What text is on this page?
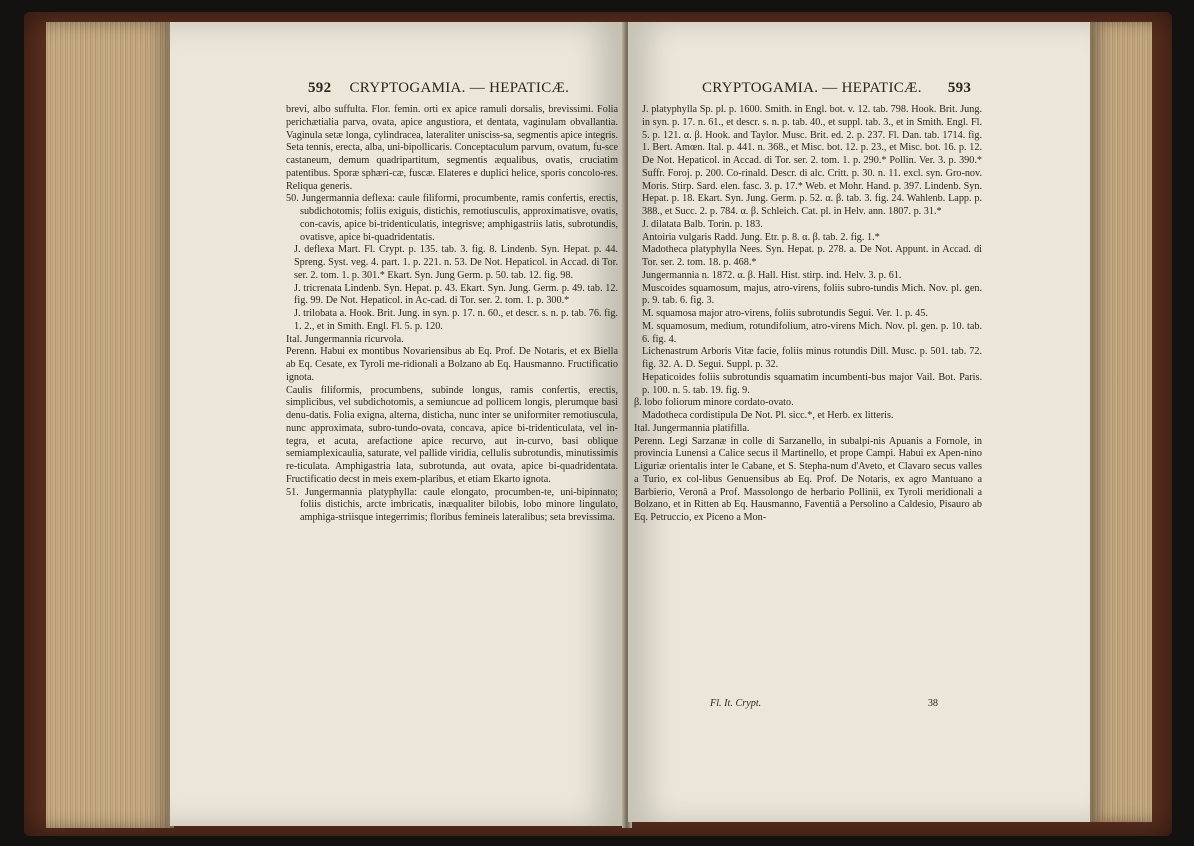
592 CRYPTOGAMIA. — HEPATICÆ.

brevi, albo suffulta. Flor. femin. orti ex apice ramuli dorsalis, brevissimi. Folia perichætialia parva, ovata, apice angustiora, et dentata, vaginulam obvallantia. Vaginula setæ longa, cylindracea, lateraliter unisciss-sa, segmentis apice integris. Seta tennis, erecta, alba, uni-bipollicaris. Conceptaculum parvum, ovatum, fu-sce castaneum, demum quadripartitum, segmentis æqualibus, ovatis, cruciatim patentibus. Sporæ sphæri-cæ, fuscæ. Elateres e duplici helice, sporis concolo-res. Reliqua generis.

50. Jungermannia deflexa: caule filiformi, procumbente, ramis confertis, erectis, subdichotomis; foliis exiguis, distichis, remotiusculis, approximatisve, ovatis, con-cavis, apice bi-tridenticulatis, integrisve; amphigastriis latis, subrotundis, ovatisve, apice bi-quadridentatis.

J. deflexa Mart. Fl. Crypt. p. 135. tab. 3. fig. 8. Lindenb. Syn. Hepat. p. 44. Spreng. Syst. veg. 4. part. 1. p. 221. n. 53. De Not. Hepaticol. in Accad. di Tor. ser. 2. tom. 1. p. 301.* Ekart. Syn. Jung Germ. p. 50. tab. 12. fig. 98.

J. tricrenata Lindenb. Syn. Hepat. p. 43. Ekart. Syn. Jung. Germ. p. 49. tab. 12. fig. 99. De Not. Hepaticol. in Ac-cad. di Tor. ser. 2. tom. 1. p. 300.*

J. trilobata a. Hook. Brit. Jung. in syn. p. 17. n. 60., et descr. s. n. p. tab. 76. fig. 1. 2., et in Smith. Engl. Fl. 5. p. 120.

Ital. Jungermannia ricurvola.

Perenn. Habui ex montibus Novariensibus ab Eq. Prof. De Notaris, et ex Biella ab Eq. Cesate, ex Tyroli me-ridionali a Bolzano ab Eq. Hausmanno. Fructificatio ignota.

Caulis filiformis, procumbens, subinde longus, ramis confertis, erectis, simplicibus, vel subdichotomis, a semiuncue ad pollicem longis, plerumque basi denu-datis. Folia exigna, alterna, disticha, nunc inter se uniformiter remotiuscula, nunc approximata, subro-tundo-ovata, concava, apice bi-tridenticulata, vel in-tegra, et acuta, arefactione apice recurvo, aut in-curvo, basi oblique semiamplexicaulia, saturate, vel pallide viridia, cellulis subrotundis, minutissimis re-ticulata. Amphigastria lata, subrotunda, aut ovata, apice bi-quadridentata. Fructificatio decst in meis exem-plaribus, et etiam Ekarto ignota.

51. Jungermannia platyphylla: caule elongato, procumben-te, uni-bipinnato; foliis distichis, arcte imbricatis, inæqualiter bilobis, lobo minore lingulato, amphiga-striisque integerrimis; floribus femineis lateralibus; seta brevissima.

CRYPTOGAMIA. — HEPATICÆ. 593

J. platyphylla Sp. pl. p. 1600. Smith. in Engl. bot. v. 12. tab. 798. Hook. Brit. Jung. in syn. p. 17. n. 61., et descr. s. n. p. tab. 40., et suppl. tab. 3., et in Smith. Engl. Fl. 5. p. 121. α. β. Hook. and Taylor. Musc. Brit. ed. 2. p. 237. Fl. Dan. tab. 1714. fig. 1. Bert. Amœn. Ital. p. 441. n. 368., et Misc. bot. 12. p. 23., et Misc. bot. 16. p. 12. De Not. Hepaticol. in Accad. di Tor. ser. 2. tom. 1. p. 290.* Pollin. Ver. 3. p. 390.* Suffr. Foroj. p. 200. Co-rinald. Descr. di alc. Critt. p. 30. n. 11. excl. syn. Gro-nov. Moris. Stirp. Sard. elen. fasc. 3. p. 17.* Web. et Mohr. Hand. p. 397. Lindenb. Syn. Hepat. p. 18. Ekart. Syn. Jung. Germ. p. 52. α. β. tab. 3. fig. 24. Wahlenb. Lapp. p. 388., et Succ. 2. p. 784. α. β. Schleich. Cat. pl. in Helv. ann. 1807. p. 31.*

J. dilatata Balb. Torin. p. 183.

Antoiria vulgaris Radd. Jung. Etr. p. 8. α. β. tab. 2. fig. 1.*

Madotheca platyphylla Nees. Syn. Hepat. p. 278. a. De Not. Appunt. in Accad. di Tor. ser. 2. tom. 18. p. 468.*

Jungermannia n. 1872. α. β. Hall. Hist. stirp. ind. Helv. 3. p. 61.

Muscoides squamosum, majus, atro-virens, foliis subro-tundis Mich. Nov. pl. gen. p. 9. tab. 6. fig. 3.

M. squamosa major atro-virens, foliis subrotundis Segui. Ver. 1. p. 45.

M. squamosum, medium, rotundifolium, atro-virens Mich. Nov. pl. gen. p. 10. tab. 6. fig. 4.

Lichenastrum Arboris Vitæ facie, foliis minus rotundis Dill. Musc. p. 501. tab. 72. fig. 32. A. D. Segui. Suppl. p. 32.

Hepaticoides foliis subrotundis squamatim incumbenti-bus major Vail. Bot. Paris. p. 100. n. 5. tab. 19. fig. 9.

β. lobo foliorum minore cordato-ovato.

Madotheca cordistipula De Not. Pl. sicc.*, et Herb. ex litteris.

Ital. Jungermannia platifilla.

Perenn. Legi Sarzanæ in colle di Sarzanello, in subalpi-nis Apuanis a Fornole, in provincia Lunensi a Calice secus il Martinello, et prope Campi. Habui ex Apen-nino Liguriæ orientalis inter le Cabane, et S. Stepha-num d'Aveto, et Clavaro secus valles a Turio, ex col-libus Genuensibus ab Eq. Prof. De Notaris, ex agro Mantuano a Barbierio, Veronâ a Prof. Massolongo de herbario Pollinii, ex Tyroli meridionali a Bolzano, et in Ritten ab Eq. Hausmanno, Faventiâ a Persolino a Caldesio, Pisauro ab Eq. Petruccio, ex Piceno a Mon-

Fl. It. Crypt.	38
